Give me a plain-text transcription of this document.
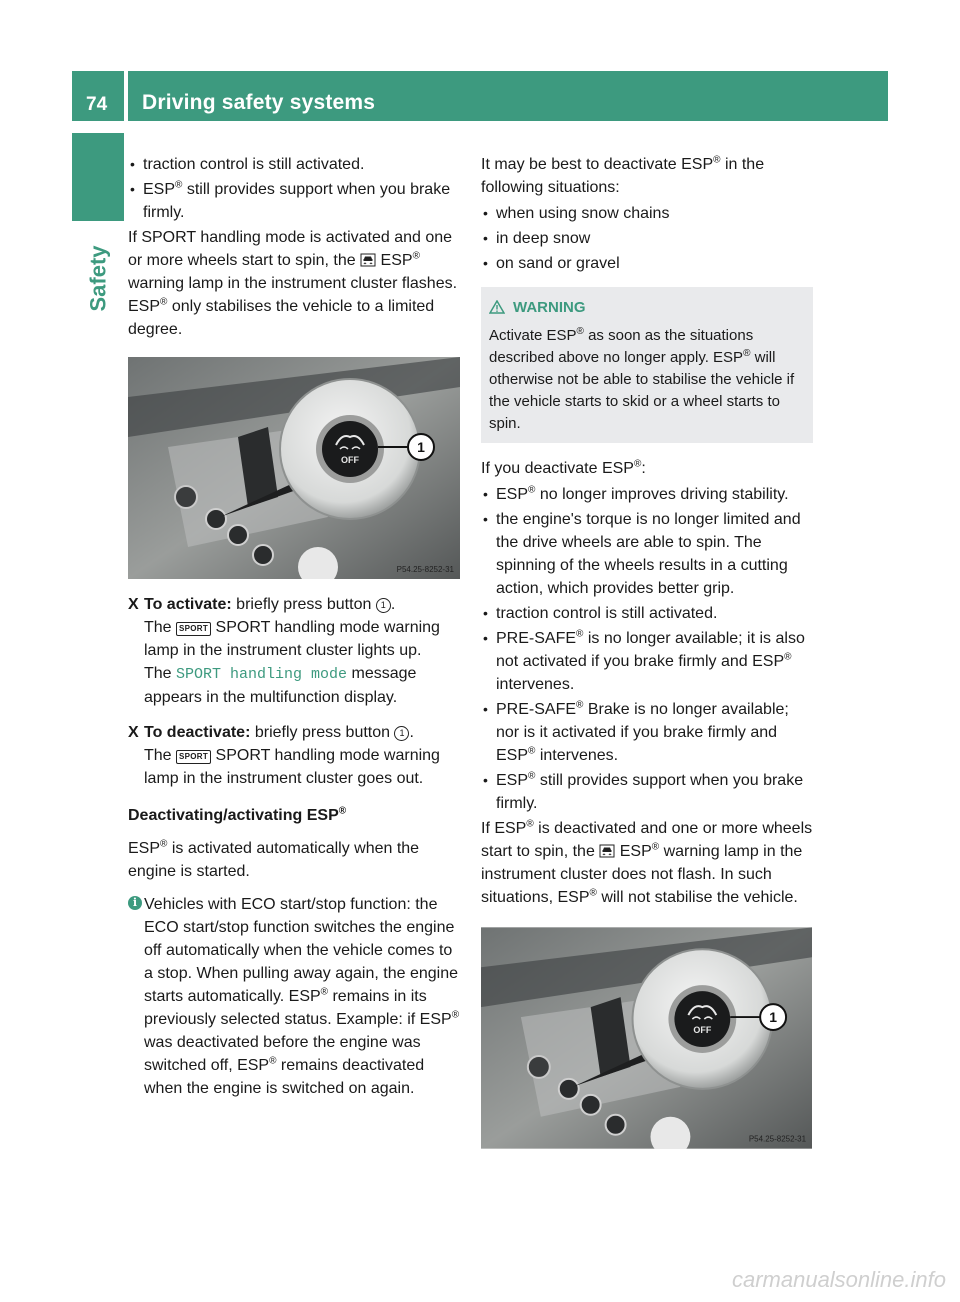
74 Driving safety systems
Safety

• traction control is still activated.

• ESP® still provides support when you brake firmly.

If SPORT handling mode is activated and one or more wheels start to spin, the  ESP® warning lamp in the instrument cluster flashes. ESP® only stabilises the vehicle to a limited degree.

OFF
1
P54.25-8252-31
X To activate: briefly press button 1 .

The SPORT SPORT handling mode warning lamp in the instrument cluster lights up.

The SPORT handling mode message appears in the multifunction display.

X To deactivate: briefly press button 1 .

The SPORT SPORT handling mode warning lamp in the instrument cluster goes out.

Deactivating/activating ESP®

ESP® is activated automatically when the engine is started.

i Vehicles with ECO start/stop function: the ECO start/stop function switches the engine off automatically when the vehicle comes to a stop. When pulling away again, the engine starts automatically. ESP® remains in its previously selected status. Example: if ESP® was deactivated before the engine was switched off, ESP® remains deactivated when the engine is switched on again.

It may be best to deactivate ESP® in the following situations:

• when using snow chains

• in deep snow

• on sand or gravel

WARNING

Activate ESP® as soon as the situations described above no longer apply. ESP® will otherwise not be able to stabilise the vehicle if the vehicle starts to skid or a wheel starts to spin.

If you deactivate ESP®:

• ESP® no longer improves driving stability.

• the engine's torque is no longer limited and the drive wheels are able to spin. The spinning of the wheels results in a cutting action, which provides better grip.

• traction control is still activated.

• PRE-SAFE® is no longer available; it is also not activated if you brake firmly and ESP® intervenes.

• PRE-SAFE® Brake is no longer available; nor is it activated if you brake firmly and ESP® intervenes.

• ESP® still provides support when you brake firmly.

If ESP® is deactivated and one or more wheels start to spin, the  ESP® warning lamp in the instrument cluster does not flash. In such situations, ESP® will not stabilise the vehicle.

OFF
1
P54.25-8252-31
carmanualsonline.info
